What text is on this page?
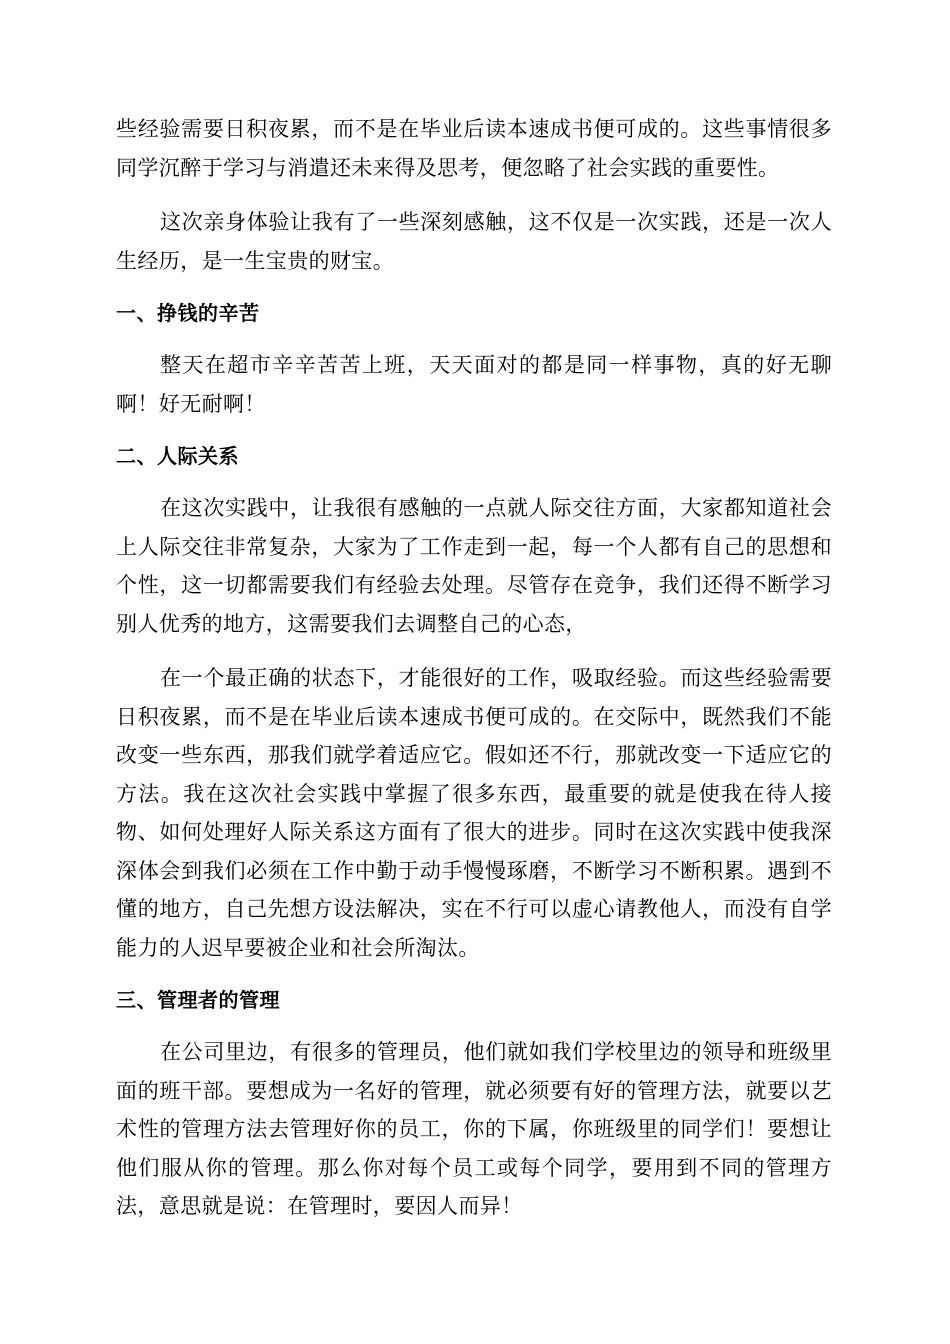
些经验需要日积夜累，而不是在毕业后读本速成书便可成的。这些事情很多同学沉醉于学习与消遣还未来得及思考，便忽略了社会实践的重要性。

这次亲身体验让我有了一些深刻感触，这不仅是一次实践，还是一次人生经历，是一生宝贵的财宝。

一、挣钱的辛苦

整天在超市辛辛苦苦上班，天天面对的都是同一样事物，真的好无聊啊！好无耐啊！

二、人际关系

在这次实践中，让我很有感触的一点就人际交往方面，大家都知道社会上人际交往非常复杂，大家为了工作走到一起，每一个人都有自己的思想和个性，这一切都需要我们有经验去处理。尽管存在竞争，我们还得不断学习别人优秀的地方，这需要我们去调整自己的心态，

在一个最正确的状态下，才能很好的工作，吸取经验。而这些经验需要日积夜累，而不是在毕业后读本速成书便可成的。在交际中，既然我们不能改变一些东西，那我们就学着适应它。假如还不行，那就改变一下适应它的方法。我在这次社会实践中掌握了很多东西，最重要的就是使我在待人接物、如何处理好人际关系这方面有了很大的进步。同时在这次实践中使我深深体会到我们必须在工作中勤于动手慢慢琢磨，不断学习不断积累。遇到不懂的地方，自己先想方设法解决，实在不行可以虚心请教他人，而没有自学能力的人迟早要被企业和社会所淘汰。

三、管理者的管理

在公司里边，有很多的管理员，他们就如我们学校里边的领导和班级里面的班干部。要想成为一名好的管理，就必须要有好的管理方法，就要以艺术性的管理方法去管理好你的员工，你的下属，你班级里的同学们！要想让他们服从你的管理。那么你对每个员工或每个同学，要用到不同的管理方法，意思就是说：在管理时，要因人而异！
